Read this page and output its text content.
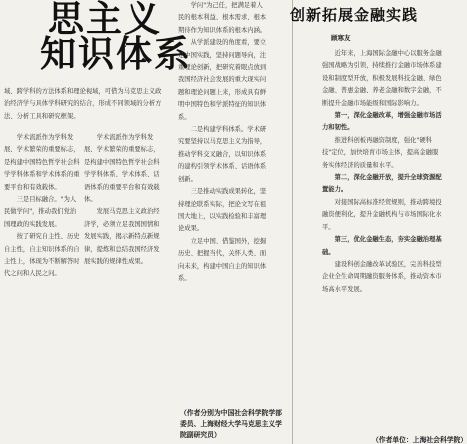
思主义
知识体系
域、跨学科的方法体系和理论视域，可借为马克思主义政治经济学与具体学科研究的结合，形成不同领域的分析方法、分析工具和研究框架。

学术流派作为学科发展、学术繁荣的重要标志，是构建中国特色哲学社会科学学科体系和学术体系的重要平台和有效载体。

三是目标融合。"为人民做学问"，推动我们党治国理政的实践发展。

按了研究自主性、历史自主性，自主知识体系的自主性上，体现为不断解答时代之问和人民之问。

学术流派作为学科发展、学术繁荣的重要标志，是构建中国特色哲学社会科学学科体系、学术体系、话语体系的重要平台和有效载体。

发展马克思主义政治经济学，必须立足我国国情和发展实践，揭示新特点新规律，提炼和总结我国经济发展实践的规律性成果。

学问"为己任，把满足着人民的根本利益、根本需求、根本期待作为知识体系的根本内涵。

从学派建设的角度看，要立足中国实践，坚持问题导向，注重理论创新，把研究着眼点放到我国经济社会发展的重大现实问题和理论问题上来，形成具有鲜明中国特色和学派特征的知识体系。

二是构建学科体系。学术研究要坚持以马克思主义为指导，推动学科交叉融合，以知识体系的建构引领学术体系、话语体系创新。

三是推动实践成果转化，坚持理论联系实际，把论文写在祖国大地上，以实践检验和丰富理论成果。

立足中国、借鉴国外，挖掘历史、把握当代，关怀人类、面向未来，构建中国自主的知识体系。

（作者分别为中国社会科学院学部委员、上海财经大学马克思主义学院副研究员）
创新拓展金融实践
顾寒友

近年来，上海国际金融中心以服务金融强国战略为引领，持续推行金融市场体系建设和制度型开放，积极发展科技金融、绿色金融、普惠金融、养老金融和数字金融，不断提升金融市场能级和国际影响力。

第一，深化金融改革，增强金融市场活力和韧性。

推进科创板再融资制度，强化"硬科技"定位，加快培育市场主体，提高金融服务实体经济的质量和水平。

第二，深化金融开放，提升全球资源配置能力。

对接国际高标准经贸规则，推动跨境投融资便利化，提升金融机构与市场国际化水平。

第三，优化金融生态，夯实金融治理基础。

建设科创金融改革试验区，完善科技型企业全生命周期融资服务体系，推动资本市场高水平发展。

（作者单位：上海社会科学院）
